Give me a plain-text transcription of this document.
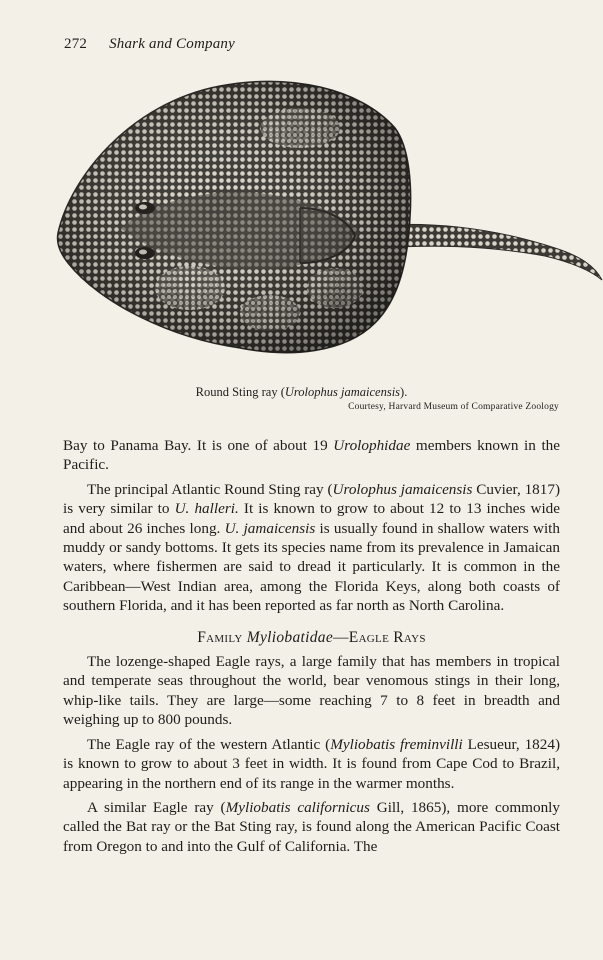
272 Shark and Company
Round Sting ray (Urolophus jamaicensis).
Courtesy, Harvard Museum of Comparative Zoology

Bay to Panama Bay. It is one of about 19 Urolophidae members known in the Pacific.

The principal Atlantic Round Sting ray (Urolophus jamaicensis Cuvier, 1817) is very similar to U. halleri. It is known to grow to about 12 to 13 inches wide and about 26 inches long. U. jamaicensis is usually found in shallow waters with muddy or sandy bottoms. It gets its species name from its prevalence in Jamaican waters, where fishermen are said to dread it particularly. It is common in the Caribbean—West Indian area, among the Florida Keys, along both coasts of southern Florida, and it has been reported as far north as North Carolina.

Family Myliobatidae—Eagle Rays

The lozenge-shaped Eagle rays, a large family that has members in tropical and temperate seas throughout the world, bear venomous stings in their long, whip-like tails. They are large—some reaching 7 to 8 feet in breadth and weighing up to 800 pounds.

The Eagle ray of the western Atlantic (Myliobatis freminvilli Lesueur, 1824) is known to grow to about 3 feet in width. It is found from Cape Cod to Brazil, appearing in the northern end of its range in the warmer months.

A similar Eagle ray (Myliobatis californicus Gill, 1865), more commonly called the Bat ray or the Bat Sting ray, is found along the American Pacific Coast from Oregon to and into the Gulf of California. The
